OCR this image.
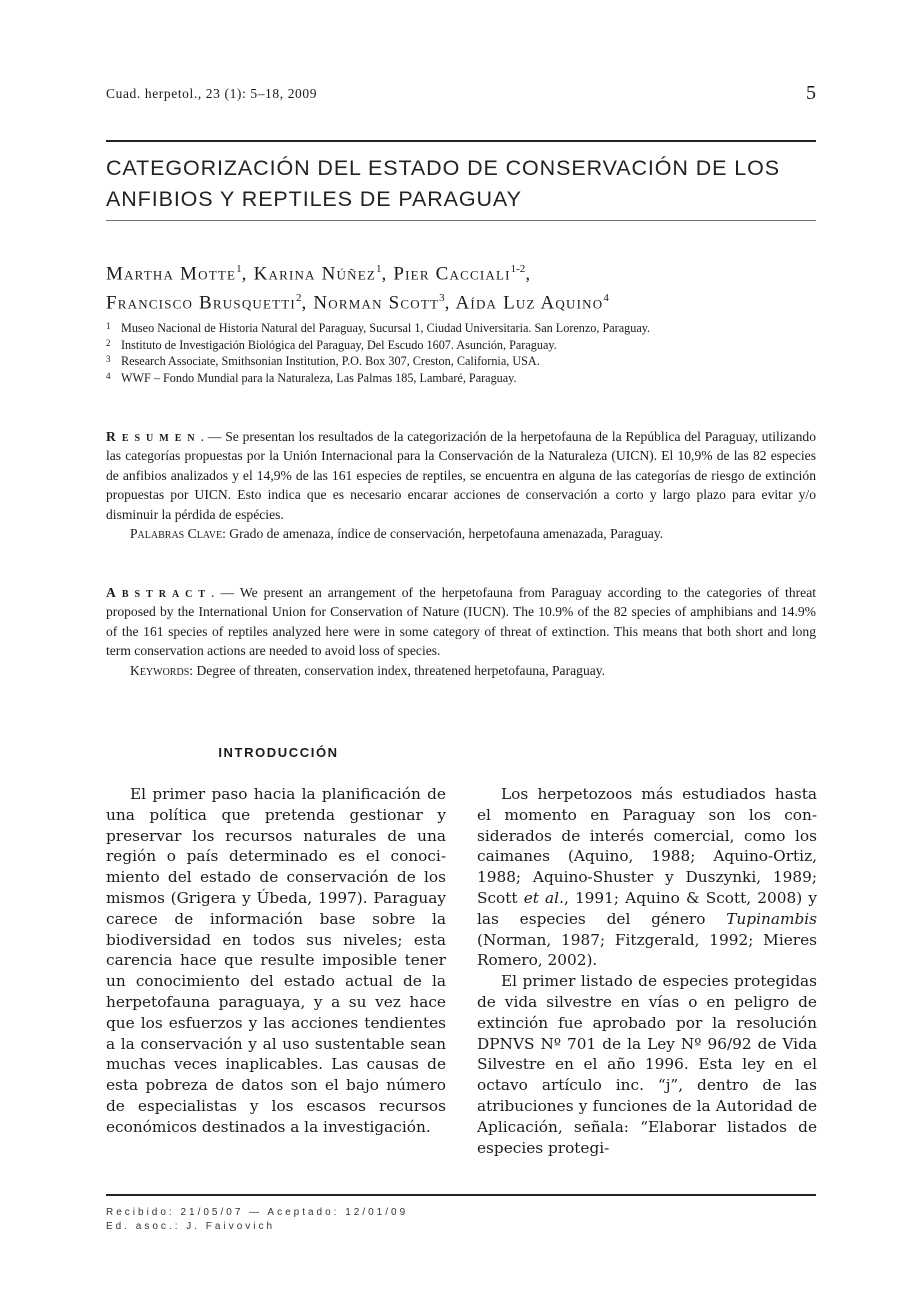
Cuad. herpetol., 23 (1): 5–18, 2009	5
CATEGORIZACIÓN DEL ESTADO DE CONSERVACIÓN DE LOS
ANFIBIOS Y REPTILES DE PARAGUAY
Martha Motte$^1$, Karina Núñez$^1$, Pier Cacciali$^{1-2}$,
Francisco Brusquetti$^2$, Norman Scott$^3$, Aída Luz Aquino$^4$
1 Museo Nacional de Historia Natural del Paraguay, Sucursal 1, Ciudad Universitaria. San Lorenzo, Paraguay.
2 Instituto de Investigación Biológica del Paraguay, Del Escudo 1607. Asunción, Paraguay.
3 Research Associate, Smithsonian Institution, P.O. Box 307, Creston, California, USA.
4 WWF – Fondo Mundial para la Naturaleza, Las Palmas 185, Lambaré, Paraguay.
Resumen. — Se presentan los resultados de la categorización de la herpetofauna de la República del Paraguay, utilizando las categorías propuestas por la Unión Internacional para la Conservación de la Naturaleza (UICN). El 10,9% de las 82 especies de anfibios analizados y el 14,9% de las 161 especies de reptiles, se encuentra en alguna de las categorías de riesgo de extinción propuestas por UICN. Esto indica que es necesario encarar acciones de conservación a corto y largo plazo para evitar y/o disminuir la pérdida de espécies.
Palabras Clave: Grado de amenaza, índice de conservación, herpetofauna amenazada, Paraguay.
Abstract. — We present an arrangement of the herpetofauna from Paraguay according to the categories of threat proposed by the International Union for Conservation of Nature (IUCN). The 10.9% of the 82 species of amphibians and 14.9% of the 161 species of reptiles analyzed here were in some category of threat of extinction. This means that both short and long term conservation actions are needed to avoid loss of species.
Keywords: Degree of threaten, conservation index, threatened herpetofauna, Paraguay.
INTRODUCCIÓN

El primer paso hacia la planificación de una política que pretenda gestionar y preservar los recursos naturales de una región o país determinado es el conocimiento del estado de conservación de los mismos (Grigera y Úbeda, 1997). Paraguay carece de información base sobre la biodiversidad en todos sus niveles; esta carencia hace que resulte imposible tener un conocimiento del estado actual de la herpetofauna paraguaya, y a su vez hace que los esfuerzos y las acciones tendientes a la conservación y al uso sustentable sean muchas veces inaplicables. Las causas de esta pobreza de datos son el bajo número de especialistas y los escasos recursos económicos destinados a la investigación.

Los herpetozoos más estudiados hasta el momento en Paraguay son los considerados de interés comercial, como los caimanes (Aquino, 1988; Aquino-Ortiz, 1988; Aquino-Shuster y Duszynki, 1989; Scott et al., 1991; Aquino & Scott, 2008) y las especies del género Tupinambis (Norman, 1987; Fitzgerald, 1992; Mieres Romero, 2002).

El primer listado de especies protegidas de vida silvestre en vías o en peligro de extinción fue aprobado por la resolución DPNVS Nº 701 de la Ley Nº 96/92 de Vida Silvestre en el año 1996. Esta ley en el octavo artículo inc. “j”, dentro de las atribuciones y funciones de la Autoridad de Aplicación, señala: “Elaborar listados de especies protegi-

Recibido: 21/05/07 — Aceptado: 12/01/09
Ed. asoc.: J. Faivovich
